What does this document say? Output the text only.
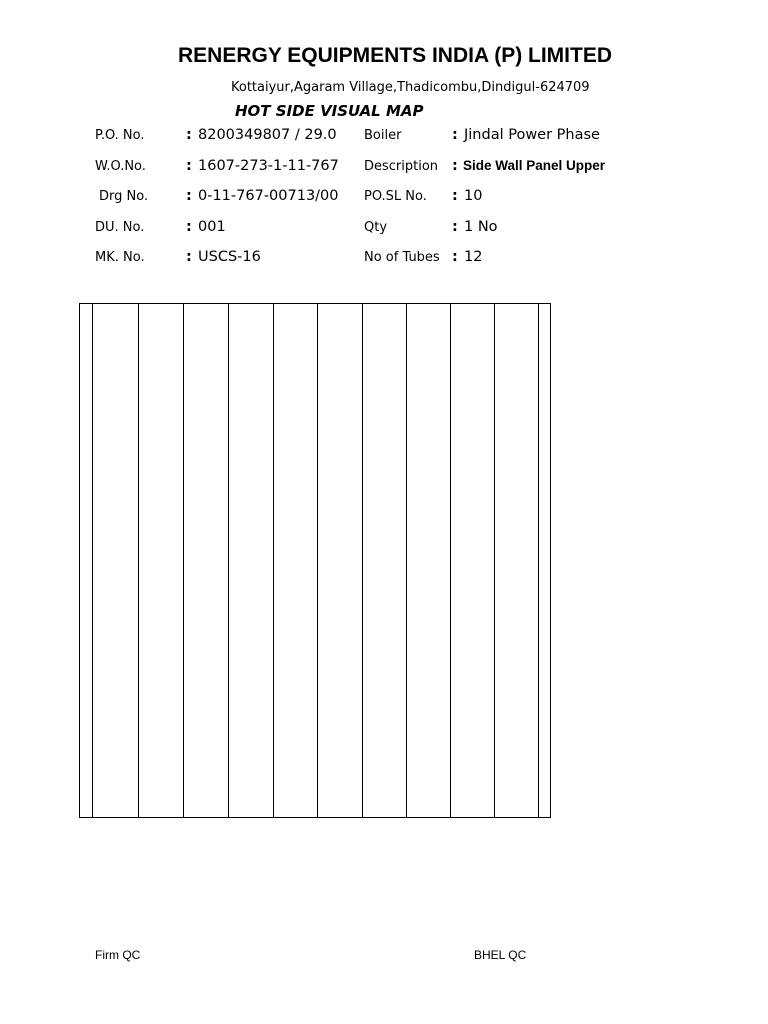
RENERGY EQUIPMENTS INDIA (P) LIMITED
Kottaiyur,Agaram Village,Thadicombu,Dindigul-624709
HOT SIDE VISUAL MAP
P.O. No.	: 8200349807 / 29.0
W.O.No.	: 1607-273-1-11-767
Drg No.	: 0-11-767-00713/00
DU. No.	: 001
MK. No.	: USCS-16
Boiler	: Jindal Power Phase
Description : Side Wall Panel Upper
PO.SL No. : 10
Qty	: 1 No
No of Tubes : 12
Firm QC	BHEL QC
